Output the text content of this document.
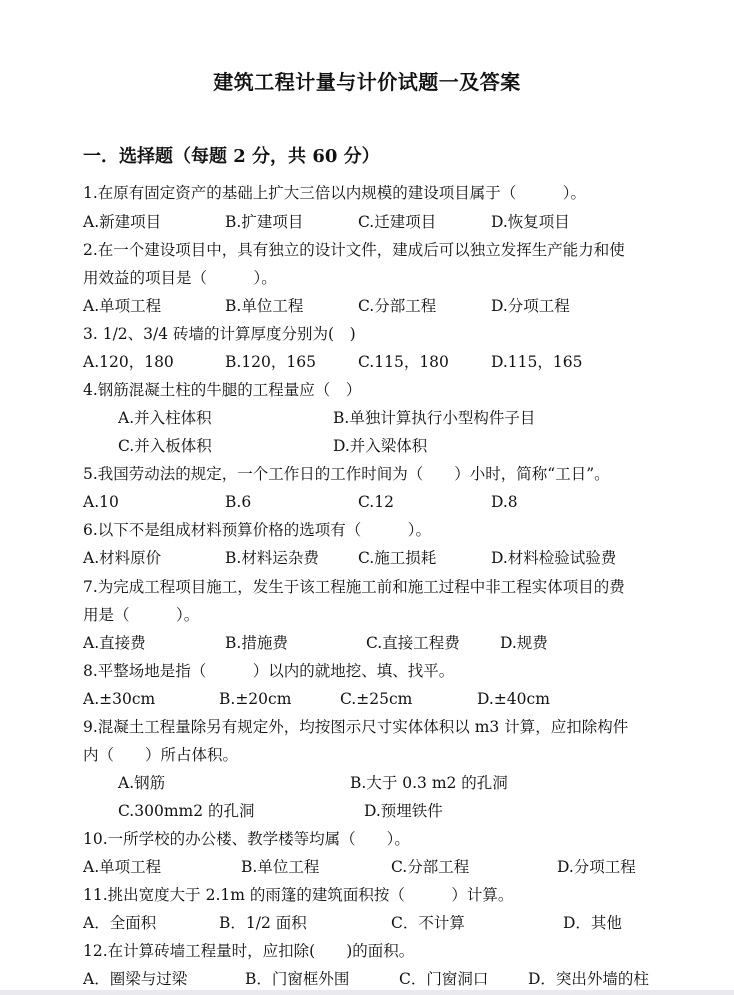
建筑工程计量与计价试题一及答案
一．选择题（每题 2 分，共 60 分）
1.在原有固定资产的基础上扩大三倍以内规模的建设项目属于（　　　）。
A.新建项目	B.扩建项目	C.迁建项目	D.恢复项目
2.在一个建设项目中，具有独立的设计文件，建成后可以独立发挥生产能力和使
用效益的项目是（　　　）。
A.单项工程	B.单位工程	C.分部工程	D.分项工程
3. 1/2、3/4 砖墙的计算厚度分别为(　)
A.120，180	B.120，165	C.115，180	D.115，165
4.钢筋混凝土柱的牛腿的工程量应（　）
A.并入柱体积	B.单独计算执行小型构件子目
C.并入板体积	D.并入梁体积
5.我国劳动法的规定，一个工作日的工作时间为（　　）小时，简称“工日”。
A.10	B.6	C.12	D.8
6.以下不是组成材料预算价格的选项有（　　　）。
A.材料原价	B.材料运杂费	C.施工损耗	D.材料检验试验费
7.为完成工程项目施工，发生于该工程施工前和施工过程中非工程实体项目的费
用是（　　　）。
A.直接费	B.措施费	C.直接工程费	D.规费
8.平整场地是指（　　　）以内的就地挖、填、找平。
A.±30cm	B.±20cm	C.±25cm	D.±40cm
9.混凝土工程量除另有规定外，均按图示尺寸实体体积以 m3 计算，应扣除构件
内（　　）所占体积。
A.钢筋	B.大于 0.3 m2 的孔洞
C.300mm2 的孔洞	D.预埋铁件
10.一所学校的办公楼、教学楼等均属（　　）。
A.单项工程	B.单位工程	C.分部工程	D.分项工程
11.挑出宽度大于 2.1m 的雨篷的建筑面积按（　　　）计算。
A．全面积	B．1/2 面积	C．不计算	D．其他
12.在计算砖墙工程量时，应扣除(　　)的面积。
A．圈梁与过梁	B．门窗框外围	C．门窗洞口	D．突出外墙的柱
